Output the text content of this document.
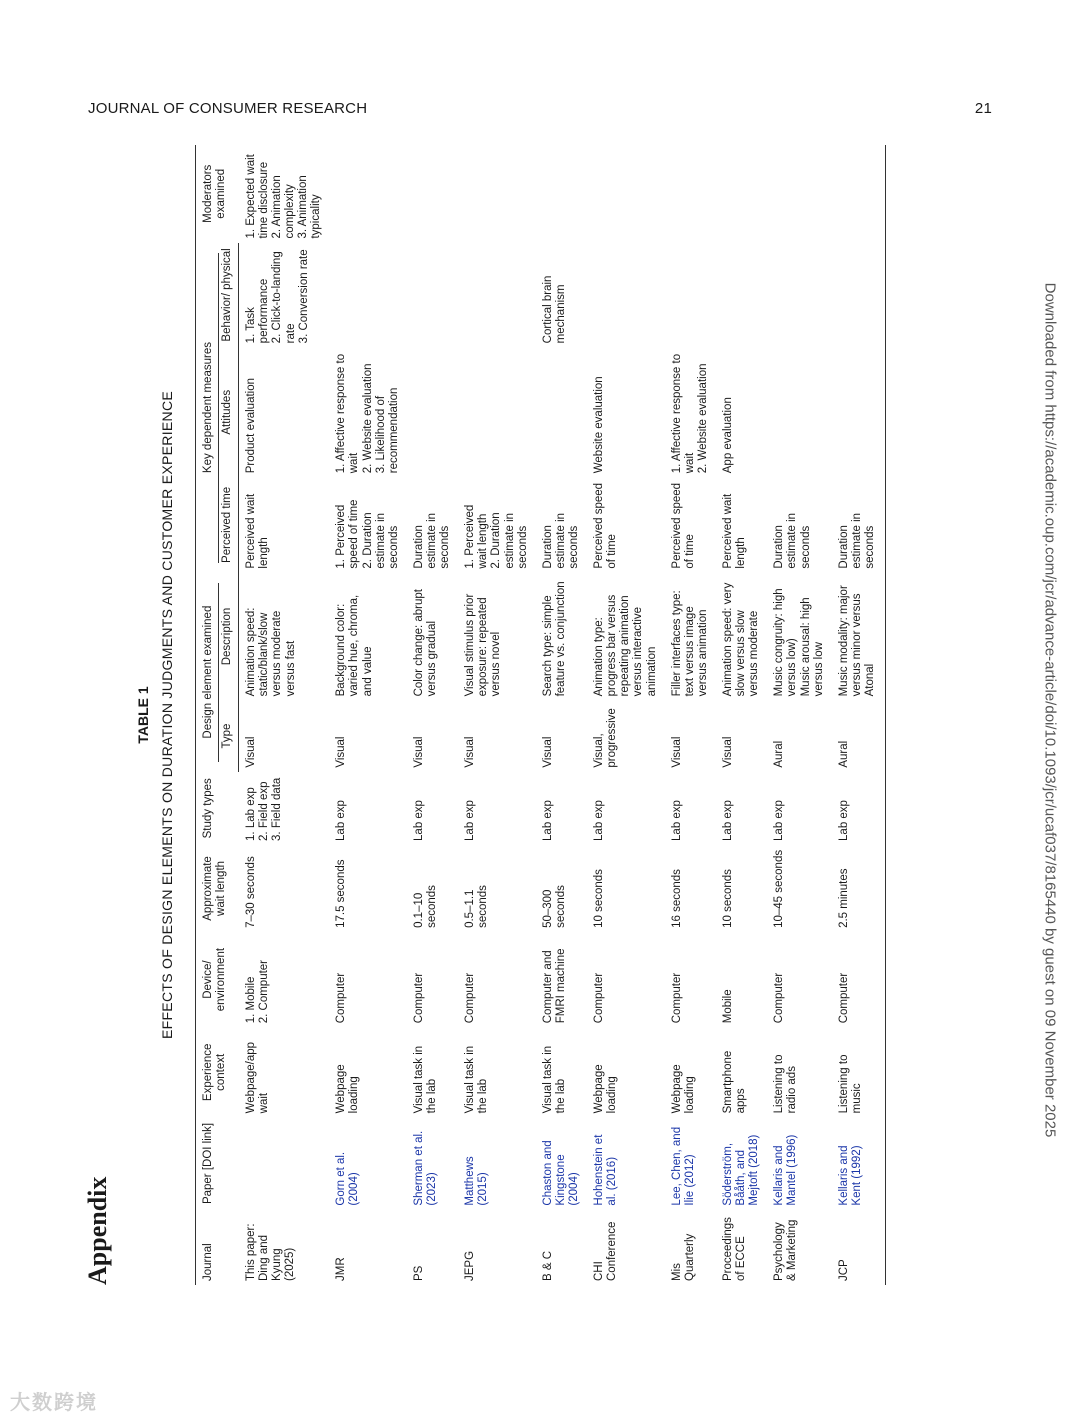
JOURNAL OF CONSUMER RESEARCH	21
Downloaded from https://academic.oup.com/jcr/advance-article/doi/10.1093/jcr/ucaf037/8165440 by guest on 09 November 2025
Appendix
TABLE 1 EFFECTS OF DESIGN ELEMENTS ON DURATION JUDGMENTS AND CUSTOMER EXPERIENCE
Journal	Paper [DOI link]	Experience context	Device/ environment	Approximate wait length	Study types	Design element examined		Key dependent measures			Moderators examined
						Type	Description	Perceived time	Attitudes	Behavior/ physical	
This paper: Ding and Kyung (2025)		Webpage/app wait	1. Mobile
2. Computer	7–30 seconds	1. Lab exp
2. Field exp
3. Field data	Visual	Animation speed: static/blank/slow versus moderate versus fast	Perceived wait length	Product evaluation	1. Task performance
2. Click-to-landing rate
3. Conversion rate	1. Expected wait time disclosure
2. Animation complexity
3. Animation typicality
JMR	Gorn et al. (2004)	Webpage loading	Computer	17.5 seconds	Lab exp	Visual	Background color: varied hue, chroma, and value	1. Perceived speed of time
2. Duration estimate in seconds	1. Affective response to wait
2. Website evaluation
3. Likelihood of recommendation		
PS	Sherman et al. (2023)	Visual task in the lab	Computer	0.1–10 seconds	Lab exp	Visual	Color change: abrupt versus gradual	Duration estimate in seconds			
JEPG	Matthews (2015)	Visual task in the lab	Computer	0.5–1.1 seconds	Lab exp	Visual	Visual stimulus prior exposure: repeated versus novel	1. Perceived wait length
2. Duration estimate in seconds			
B & C	Chaston and Kingstone (2004)	Visual task in the lab	Computer and FMRI machine	50–300 seconds	Lab exp	Visual	Search type: simple feature vs. conjunction	Duration estimate in seconds		Cortical brain mechanism	
CHI Conference	Hohenstein et al. (2016)	Webpage loading	Computer	10 seconds	Lab exp	Visual, progressive	Animation type: progress bar versus repeating animation versus interactive animation	Perceived speed of time	Website evaluation		
Mis Quarterly	Lee, Chen, and Ilie (2012)	Webpage loading	Computer	16 seconds	Lab exp	Visual	Filler interfaces type: text versus image versus animation	Perceived speed of time	1. Affective response to wait
2. Website evaluation		
Proceedings of ECCE	Söderström, Bååth, and Mejtoft (2018)	Smartphone apps	Mobile	10 seconds	Lab exp	Visual	Animation speed: very slow versus slow versus moderate	Perceived wait length	App evaluation		
Psychology & Marketing	Kellaris and Mantel (1996)	Listening to radio ads	Computer	10–45 seconds	Lab exp	Aural	Music congruity: high versus low)
Music arousal: high versus low	Duration estimate in seconds			
JCP	Kellaris and Kent (1992)	Listening to music	Computer	2.5 minutes	Lab exp	Aural	Music modality: major versus minor versus Atonal	Duration estimate in seconds			
大数跨境
